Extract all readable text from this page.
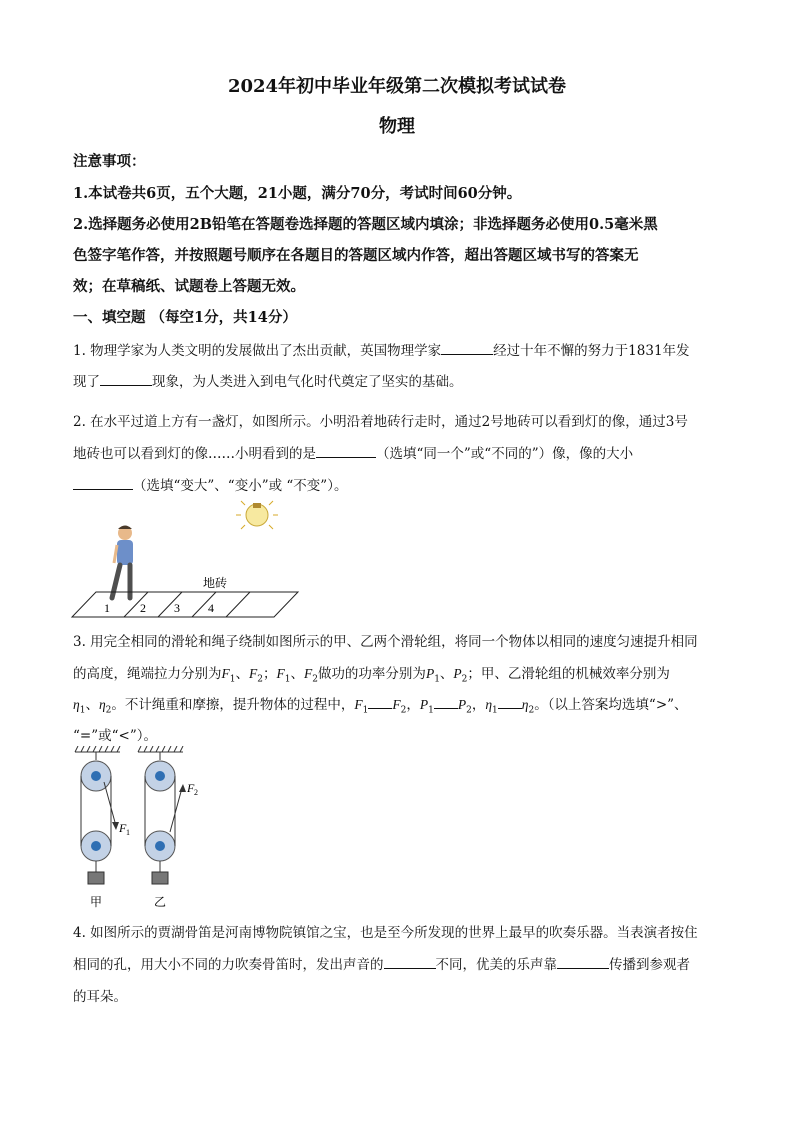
2024年初中毕业年级第二次模拟考试试卷
物理
注意事项：
1.本试卷共6页，五个大题，21小题，满分70分，考试时间60分钟。
2.选择题务必使用2B铅笔在答题卷选择题的答题区域内填涂；非选择题务必使用0.5毫米黑
色签字笔作答，并按照题号顺序在各题目的答题区域内作答，超出答题区域书写的答案无
效；在草稿纸、试题卷上答题无效。
一、填空题 （每空1分，共14分）
1. 物理学家为人类文明的发展做出了杰出贡献，英国物理学家	经过十年不懈的努力于1831年发
现了	现象，为人类进入到电气化时代奠定了坚实的基础。
2. 在水平过道上方有一盏灯，如图所示。小明沿着地砖行走时，通过2号地砖可以看到灯的像，通过3号
地砖也可以看到灯的像……小明看到的是	（选填“同一个”或“不同的”）像，像的大小
（选填“变大”、“变小”或 “不变”）。
地砖
1	2 3 4
3. 用完全相同的滑轮和绳子绕制如图所示的甲、乙两个滑轮组，将同一个物体以相同的速度匀速提升相同
的高度，绳端拉力分别为$F_1$、$F_2$；$F_1$、$F_2$做功的功率分别为$P_1$、$P_2$；甲、乙滑轮组的机械效率分别为
$\eta_1$、$\eta_2$。不计绳重和摩擦，提升物体的过程中，$F_1$ $F_2$，$P_1$ $P_2$，$\eta_1$ $\eta_2$。（以上答案均选填“>”、
“=”或“<”）。
F 1
F 2
甲	乙
4. 如图所示的贾湖骨笛是河南博物院镇馆之宝，也是至今所发现的世界上最早的吹奏乐器。当表演者按住
相同的孔，用大小不同的力吹奏骨笛时，发出声音的	不同，优美的乐声靠	传播到参观者
的耳朵。
